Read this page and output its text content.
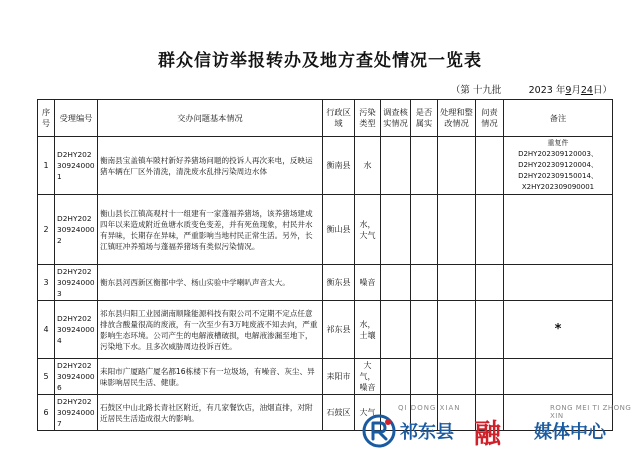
群众信访举报转办及地方查处情况一览表
（第 十九批	2023 年9月24日）
序号	受理编号	交办问题基本情况	行政区域	污染类型	调查核实情况	是否属实	处理和整改情况	问责情况	备注
1	D2HY202309240001	衡南县宝盖镇车陂村新好养猪场问题的投诉人再次来电，反映运猪车辆在厂区外清洗，清洗废水乱排污染周边水体	衡南县	水					重复件
D2HY202309120003、D2HY202309120004、D2HY202309150014、X2HY202309090001
2	D2HY202309240002	衡山县长江镇高观村十一组建有一家蓬福养猪场，该养猪场建成四年以来造成附近鱼塘水质变色变差，并有死鱼现象，村民井水有异味，长期存在异味，严重影响当地村民正常生活。另外，长江镇旺冲养殖场与蓬福养猪场有类似污染情况。	衡山县	水，大气					
3	D2HY202309240003	衡东县河西新区衡都中学、杨山实验中学喇叭声音太大。	衡东县	噪音					
4	D2HY202309240004	祁东县归阳工业园湖南顺隆能源科技有限公司不定期不定点任意排放含酸量很高的废液，有一次至少有3万吨废液不知去向，严重影响生态环境。公司产生的电解液槽破损，电解液渗漏至地下，污染地下水。且多次威胁周边投诉百姓。	祁东县	水，土壤					*
5	D2HY202309240006	耒阳市广厦路广厦名都16栋楼下有一垃圾场，有噪音、灰尘、异味影响居民生活、健康。	耒阳市	大气，噪音					
6	D2HY202309240007	石鼓区中山北路长青社区附近，有几家餐饮店，油烟直排，对附近居民生活造成很大的影响。	石鼓区	大气						QI DONG XIAN	RONG MEI TI ZHONG XIN
祁东县 融 媒体中心
